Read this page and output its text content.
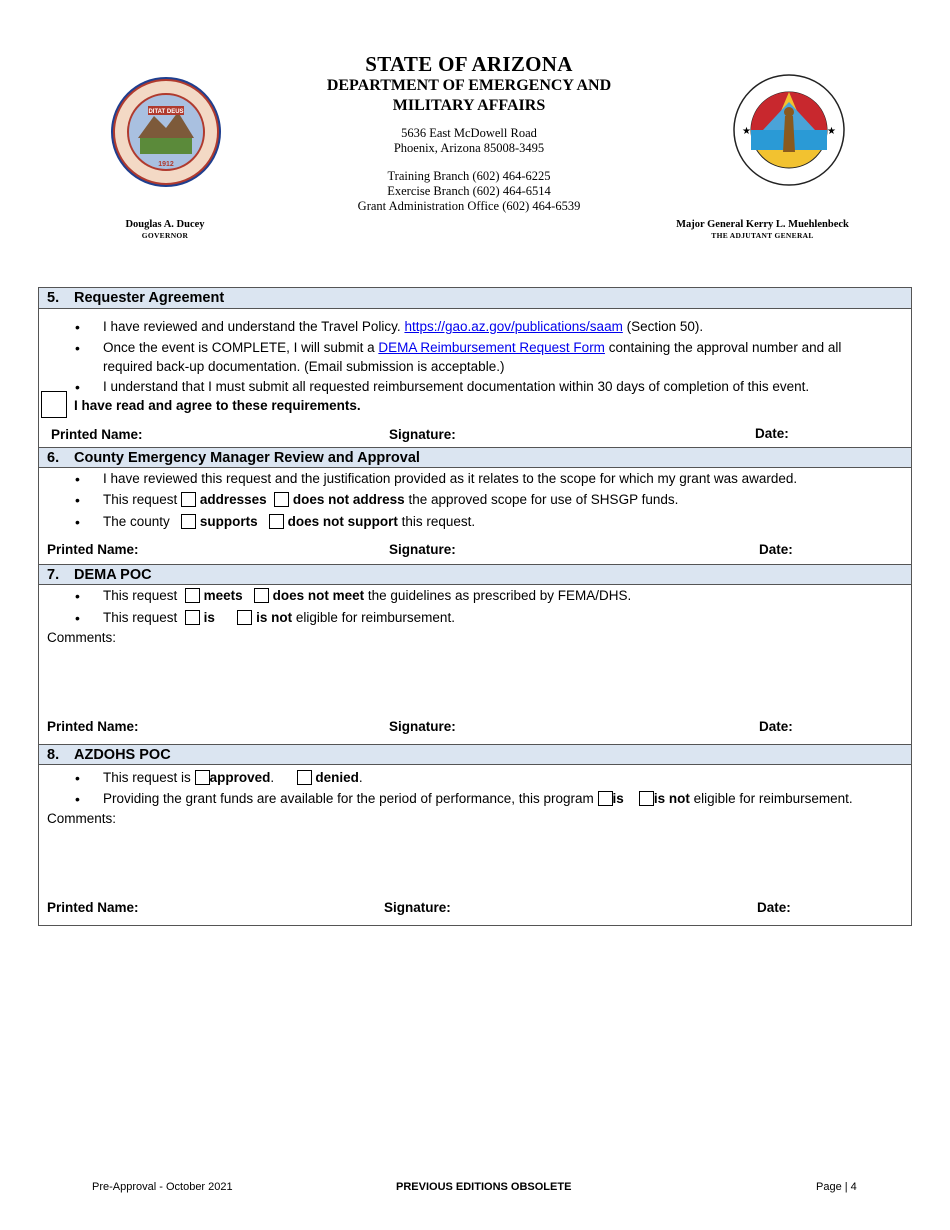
DITAT DEUS
1912
STATE OF ARIZONA
DEPARTMENT OF EMERGENCY AND
MILITARY AFFAIRS
5636 East McDowell Road
Phoenix, Arizona 85008-3495
Training Branch (602) 464-6225
Exercise Branch (602) 464-6514
Grant Administration Office (602) 464-6539
★	★
Douglas A. Ducey
GOVERNOR
Major General Kerry L. Muehlenbeck
THE ADJUTANT GENERAL
5. Requester Agreement
• I have reviewed and understand the Travel Policy. https://gao.az.gov/publications/saam (Section 50).
• Once the event is COMPLETE, I will submit a DEMA Reimbursement Request Form containing the approval number and all
required back-up documentation. (Email submission is acceptable.)
• I understand that I must submit all requested reimbursement documentation within 30 days of completion of this event.
I have read and agree to these requirements.
Printed Name:	Signature:	Date:
6. County Emergency Manager Review and Approval
• I have reviewed this request and the justification provided as it relates to the scope for which my grant was awarded.
• This request addresses does not address the approved scope for use of SHSGP funds.
• The county supports does not support this request.
Printed Name:	Signature:	Date:
7. DEMA POC
• This request meets does not meet the guidelines as prescribed by FEMA/DHS.
• This request is	is not eligible for reimbursement.
Comments:
Printed Name:	Signature:	Date:
8. AZDOHS POC
• This request is approved.       denied.
• Providing the grant funds are available for the period of performance, this program is is not eligible for reimbursement.
Comments:
Printed Name:	Signature:	Date:
Pre-Approval - October 2021	PREVIOUS EDITIONS OBSOLETE	Page | 4
